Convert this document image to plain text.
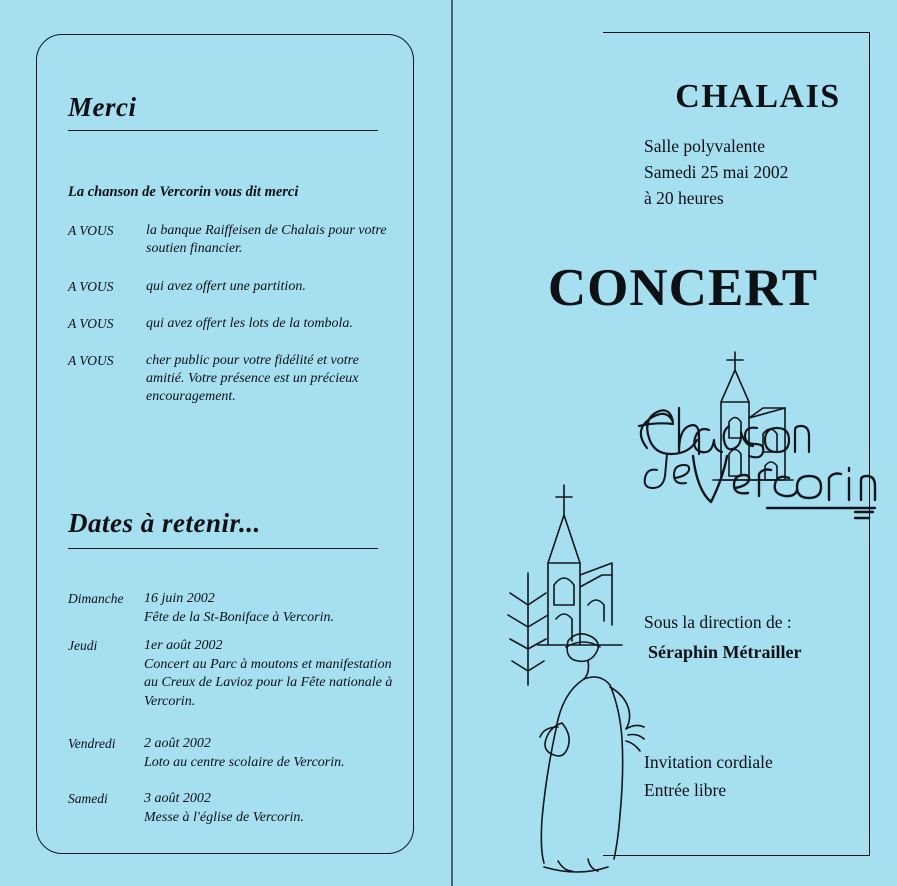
Merci
La chanson de Vercorin vous dit merci
A VOUS	la banque Raiffeisen de Chalais pour votre soutien financier.
A VOUS	qui avez offert une partition.
A VOUS	qui avez offert les lots de la tombola.
A VOUS	cher public pour votre fidélité et votre amitié. Votre présence est un précieux encouragement.
Dates à retenir...
Dimanche	16 juin 2002
Fête de la St-Boniface à Vercorin.
Jeudi	1er août 2002
Concert au Parc à moutons et manifestation au Creux de Lavioz pour la Fête nationale à Vercorin.
Vendredi	2 août 2002
Loto au centre scolaire de Vercorin.
Samedi	3 août 2002
Messe à l'église de Vercorin.
CHALAIS
Salle polyvalente
Samedi 25 mai 2002
à 20 heures
CONCERT
Sous la direction de :
Séraphin Métrailler
Invitation cordiale
Entrée libre
